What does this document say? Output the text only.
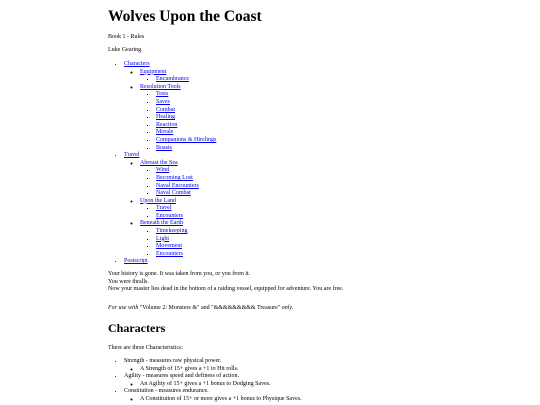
Wolves Upon the Coast

Book 1 - Rules

Luke Gearing

• Characters
◦ Equipment
▪ Encumbrance
◦ Resolution Tools
▪ Tests
▪ Saves
▪ Combat
▪ Healing
▪ Reaction
▪ Morale
▪ Companions & Hirelings
▪ Boasts
• Travel
◦ Abreast the Sea
▪ Wind
▪ Becoming Lost
▪ Naval Encounters
▪ Naval Combat
◦ Upon the Land
▪ Travel
▪ Encounters
◦ Beneath the Earth
▪ Timekeeping
▪ Light
▪ Movement
▪ Encounters
• Postscript
Your history is gone. It was taken from you, or you from it.
You were thralls.
Now your master lies dead in the bottom of a raiding vessel, equipped for adventure. You are free.

For use with "Volume 2: Monsters &" and "&&&&&&&&& Treasure" only.

Characters

There are three Characteristics:

• Strength - measures raw physical power.
◦ A Strength of 15+ gives a +1 to Hit rolls.
• Agility - measures speed and deftness of action.
◦ An Agility of 15+ gives a +1 bonus to Dodging Saves.
• Constitution - measures endurance.
◦ A Constitution of 15+ or more gives a +1 bonus to Physique Saves.
